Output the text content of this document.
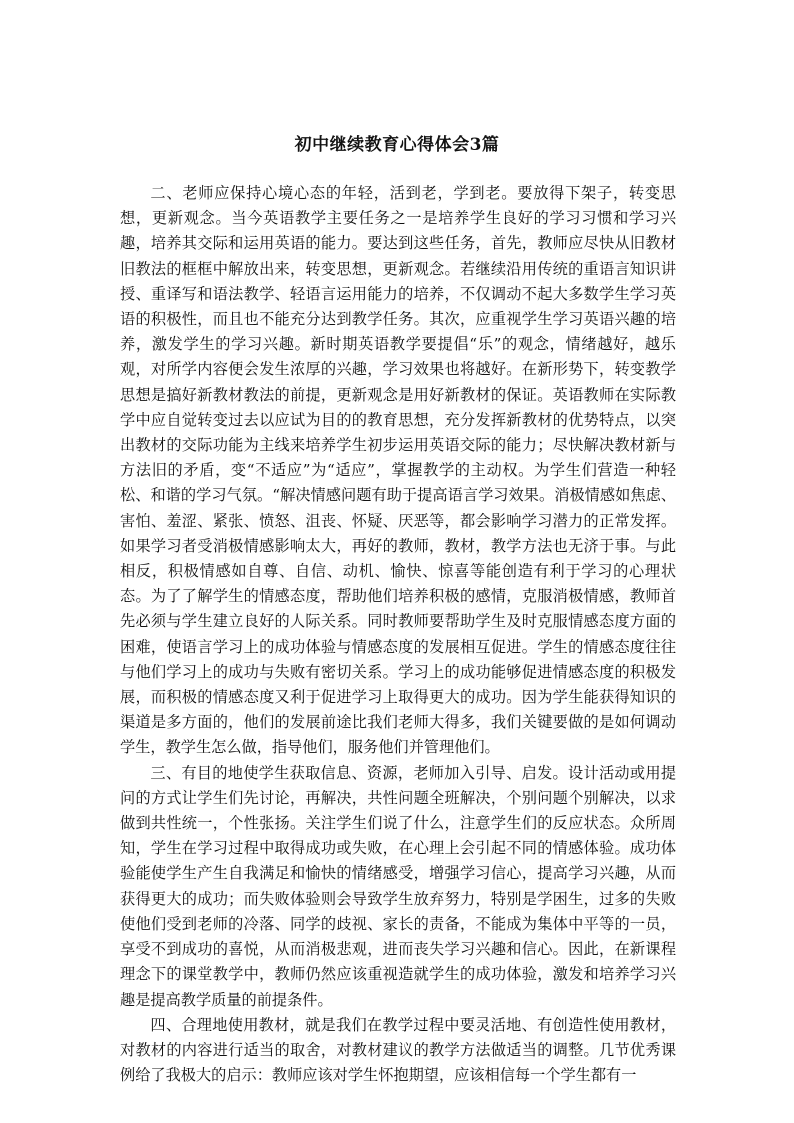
初中继续教育心得体会3篇

二、老师应保持心境心态的年轻，活到老，学到老。要放得下架子，转变思想，更新观念。当今英语教学主要任务之一是培养学生良好的学习习惯和学习兴趣，培养其交际和运用英语的能力。要达到这些任务，首先，教师应尽快从旧教材旧教法的框框中解放出来，转变思想，更新观念。若继续沿用传统的重语言知识讲授、重译写和语法教学、轻语言运用能力的培养，不仅调动不起大多数学生学习英语的积极性，而且也不能充分达到教学任务。其次，应重视学生学习英语兴趣的培养，激发学生的学习兴趣。新时期英语教学要提倡“乐”的观念，情绪越好，越乐观，对所学内容便会发生浓厚的兴趣，学习效果也将越好。在新形势下，转变教学思想是搞好新教材教法的前提，更新观念是用好新教材的保证。英语教师在实际教学中应自觉转变过去以应试为目的的教育思想，充分发挥新教材的优势特点，以突出教材的交际功能为主线来培养学生初步运用英语交际的能力；尽快解决教材新与方法旧的矛盾，变“不适应”为“适应”，掌握教学的主动权。为学生们营造一种轻松、和谐的学习气氛。“解决情感问题有助于提高语言学习效果。消极情感如焦虑、害怕、羞涩、紧张、愤怒、沮丧、怀疑、厌恶等，都会影响学习潜力的正常发挥。如果学习者受消极情感影响太大，再好的教师，教材，教学方法也无济于事。与此相反，积极情感如自尊、自信、动机、愉快、惊喜等能创造有利于学习的心理状态。为了了解学生的情感态度，帮助他们培养积极的感情，克服消极情感，教师首先必须与学生建立良好的人际关系。同时教师要帮助学生及时克服情感态度方面的困难，使语言学习上的成功体验与情感态度的发展相互促进。学生的情感态度往往与他们学习上的成功与失败有密切关系。学习上的成功能够促进情感态度的积极发展，而积极的情感态度又利于促进学习上取得更大的成功。因为学生能获得知识的渠道是多方面的，他们的发展前途比我们老师大得多，我们关键要做的是如何调动学生，教学生怎么做，指导他们，服务他们并管理他们。

三、有目的地使学生获取信息、资源，老师加入引导、启发。设计活动或用提问的方式让学生们先讨论，再解决，共性问题全班解决，个别问题个别解决，以求做到共性统一，个性张扬。关注学生们说了什么，注意学生们的反应状态。众所周知，学生在学习过程中取得成功或失败，在心理上会引起不同的情感体验。成功体验能使学生产生自我满足和愉快的情绪感受，增强学习信心，提高学习兴趣，从而获得更大的成功；而失败体验则会导致学生放弃努力，特别是学困生，过多的失败使他们受到老师的冷落、同学的歧视、家长的责备，不能成为集体中平等的一员，享受不到成功的喜悦，从而消极悲观，进而丧失学习兴趣和信心。因此，在新课程理念下的课堂教学中，教师仍然应该重视造就学生的成功体验，激发和培养学习兴趣是提高教学质量的前提条件。

四、合理地使用教材，就是我们在教学过程中要灵活地、有创造性使用教材，对教材的内容进行适当的取舍，对教材建议的教学方法做适当的调整。几节优秀课例给了我极大的启示：教师应该对学生怀抱期望，应该相信每一个学生都有一
